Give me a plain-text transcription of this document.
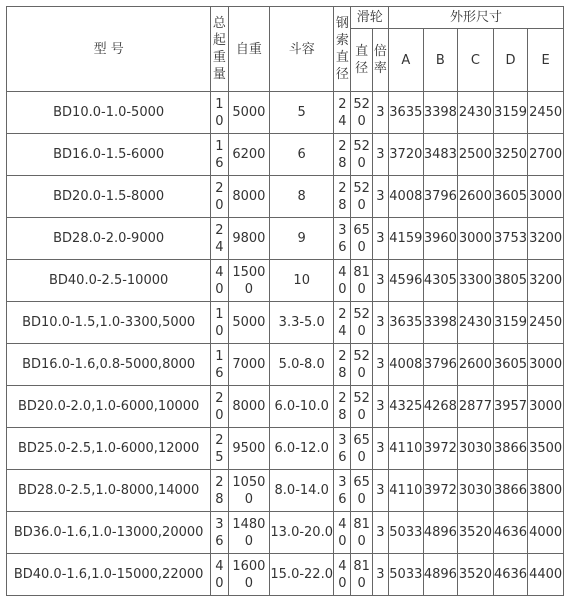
型 号	总起重量	自重	斗容	钢索直径	滑轮		外形尺寸				
					直径	倍率	A	B	C	D	E
BD10.0-1.0-5000	10	5000	5	24	520	3	3635	3398	2430	3159	2450
BD16.0-1.5-6000	16	6200	6	28	520	3	3720	3483	2500	3250	2700
BD20.0-1.5-8000	20	8000	8	28	520	3	4008	3796	2600	3605	3000
BD28.0-2.0-9000	24	9800	9	36	650	3	4159	3960	3000	3753	3200
BD40.0-2.5-10000	40	15000	10	40	810	3	4596	4305	3300	3805	3200
BD10.0-1.5,1.0-3300,5000	10	5000	3.3-5.0	24	520	3	3635	3398	2430	3159	2450
BD16.0-1.6,0.8-5000,8000	16	7000	5.0-8.0	28	520	3	4008	3796	2600	3605	3000
BD20.0-2.0,1.0-6000,10000	20	8000	6.0-10.0	28	520	3	4325	4268	2877	3957	3000
BD25.0-2.5,1.0-6000,12000	25	9500	6.0-12.0	36	650	3	4110	3972	3030	3866	3500
BD28.0-2.5,1.0-8000,14000	28	10500	8.0-14.0	36	650	3	4110	3972	3030	3866	3800
BD36.0-1.6,1.0-13000,20000	36	14800	13.0-20.0	40	810	3	5033	4896	3520	4636	4000
BD40.0-1.6,1.0-15000,22000	40	16000	15.0-22.0	40	810	3	5033	4896	3520	4636	4400
